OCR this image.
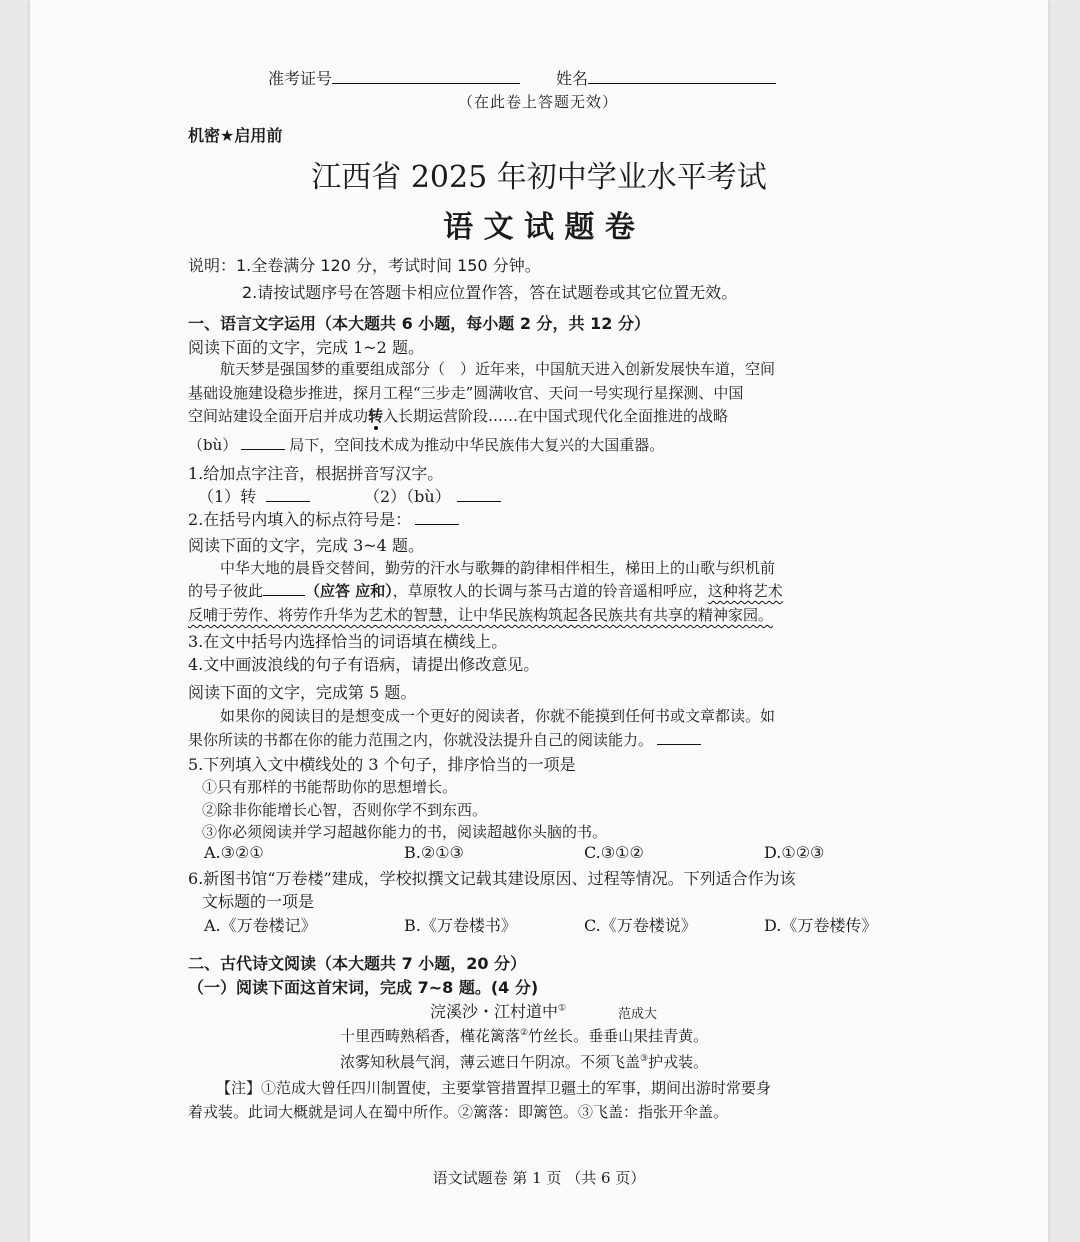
准考证号	姓名
（在此卷上答题无效）
机密★启用前
江西省 2025 年初中学业水平考试
语 文 试 题 卷
说明：1.全卷满分 120 分，考试时间 150 分钟。
2.请按试题序号在答题卡相应位置作答，答在试题卷或其它位置无效。
一、语言文字运用（本大题共 6 小题，每小题 2 分，共 12 分）
阅读下面的文字，完成 1~2 题。
航天梦是强国梦的重要组成部分（　）近年来，中国航天进入创新发展快车道，空间
基础设施建设稳步推进，探月工程“三步走”圆满收官、天问一号实现行星探测、中国
空间站建设全面开启并成功转入长期运营阶段……在中国式现代化全面推进的战略
（bù）	局下，空间技术成为推动中华民族伟大复兴的大国重器。
1.给加点字注音，根据拼音写汉字。
（1）转	（2）（bù）
2.在括号内填入的标点符号是：
阅读下面的文字，完成 3~4 题。
中华大地的晨昏交替间，勤劳的汗水与歌舞的韵律相伴相生，梯田上的山歌与织机前
的号子彼此	（应答 应和），草原牧人的长调与茶马古道的铃音遥相呼应，这种将艺术
反哺于劳作、将劳作升华为艺术的智慧，让中华民族构筑起各民族共有共享的精神家园。
3.在文中括号内选择恰当的词语填在横线上。
4.文中画波浪线的句子有语病，请提出修改意见。
阅读下面的文字，完成第 5 题。
如果你的阅读目的是想变成一个更好的阅读者，你就不能摸到任何书或文章都读。如
果你所读的书都在你的能力范围之内，你就没法提升自己的阅读能力。
5.下列填入文中横线处的 3 个句子，排序恰当的一项是
①只有那样的书能帮助你的思想增长。
②除非你能增长心智，否则你学不到东西。
③你必须阅读并学习超越你能力的书，阅读超越你头脑的书。
A.③②①	B.②①③	C.③①②	D.①②③
6.新图书馆“万卷楼”建成，学校拟撰文记载其建设原因、过程等情况。下列适合作为该
文标题的一项是
A.《万卷楼记》	B.《万卷楼书》	C.《万卷楼说》	D.《万卷楼传》
二、古代诗文阅读（本大题共 7 小题，20 分）
（一）阅读下面这首宋词，完成 7~8 题。(4 分)
浣溪沙・江村道中①	范成大
十里西畴熟稻香，槿花篱落②竹丝长。垂垂山果挂青黄。
浓雾知秋晨气润，薄云遮日午阴凉。不须飞盖③护戎装。
【注】①范成大曾任四川制置使，主要掌管措置捍卫疆土的军事，期间出游时常要身
着戎装。此词大概就是词人在蜀中所作。②篱落：即篱笆。③飞盖：指张开伞盖。
语文试题卷 第 1 页 （共 6 页）
